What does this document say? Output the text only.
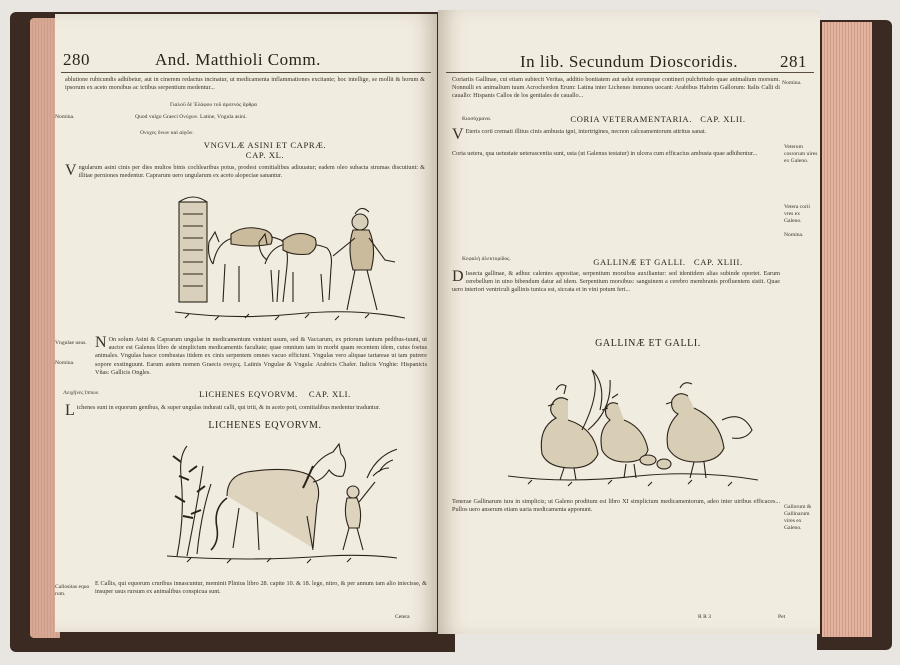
280	And. Matthioli Comm.
ablutione rubicundis adhibetur, aut in cinerem redactus incinatur, ut medicamenta inflammationes excitante; hoc intellige, se mollit & horum & ipsorum ex aceto morsibus ac ictibus serpentium medentur...
Γιαλοῦ δὲ Ἐλάφου τοῦ ἀρσενὸς ἄρθρα
Nomina.	Quod vulgo Graeci Ονύχων. Latine, Vngula asini.
Ονυχες ὄνων καὶ αἰγῶν.
VNGVLÆ ASINI ET CAPRÆ.
CAP. XL.
Vngularum asini cinis per dies multos binis cochlearibus potus, prodest comitialibus adiuuatur; eadem oleo subacta strumas discutiunt: & illitae perniones medentur. Caprarum uero ungularum ex aceto alopeciae sanantur.
Vngulae usus.
Nomina.
N On solum Asini & Caprarum ungulae in medicamentum veniunt usum, sed & Vaccarum, ex priorum tantum pedibus-tuunt, ut auctor est Galenus libro de simplicium medicamentis facultate; quae omnium tam in morbi quam recentem idem, cuius foetus animales. Vngulas hasce combustas itidem ex cinis serpentem omnes vacuo efficiunt. Vngulas vero aliquae tartareae ut tam putrere sopore exstinguunt. Earum autem nomen Graecis ονυχες. Latinis Vngulae & Vngula: Arabicis Chafer. Italicis Vnghie: Hispanicis Vñas: Gallicis Ongles.
Λειχῆνες ἵππων.	LICHENES EQVORVM. CAP. XLI.
Lichenes sunt in equorum genibus, & super ungulas indurati calli, qui triti, & in aceto poti, comitialibus medentur traduntur.
LICHENES EQVORVM.
Callositas equo rum.
E Callis, qui equorum cruribus innascuntur, meminit Plinius libro 28. capite 10. & 18. lege, nitro, & per annum tam alio iniecisse, & insuper usus rursum ex animalibus conspicua sunt.
Cetera
In lib. Secundum Dioscoridis. 281
Coriariis Gallinae, cui etiam subiecit Veritas, additio bonitatem aut uelut eorumque contineri pulchritudo quae animalium morsum. Nonnulli ex animalium tuum Acrochordon Erum: Latina inter Lichenes inmunes uocant: Arabibus Habrim Gallorum: Italis Calli di cauallo: Hispanis Callos de los genitales de cauallo...
Nomina.
Κιοσόχρανα.	CORIA VETERAMENTARIA. CAP. XLII.
V Eteris corii cremati illitus cinis ambusta igni, intertrigines, necnon calceamentorum attritus sanat.
Coria uetera, qua uetustate ueterascentia sunt, usta (ut Galenus testatur) in ulcera cum efficacius ambusta quae adhibentur...
Veterum cosrorum uires ex Galeno.
Vetera corii vres ex Galeno.
Nomina.
Κεφαλὴ ἀλεκτορίδος.	GALLINÆ ET GALLI. CAP. XLIII.
D Issecta gallinae, & adhuc calentes appositae, serpentium morsibus auxiliantur: sed identidem alias subinde oportet. Earum cerebellum in uino bibendum datur ad idem. Serpentium morsibus: sanguinem a cerebro membranis profluentem sistit. Quae uero interiori ventriculi gallinis tunica est, siccata et in vini potum feri...
GALLINÆ ET GALLI.
Tenerae Gallinarum iura in simplicis; ut Galeno proditum est libro XI simplicium medicamentorum, adeo inter uiribus efficaces... Pullos uero anserum etiam uaria medicamenta apponunt.	Gallorum & Gallinarum vires ex Galeno.
R R 3	Pet
